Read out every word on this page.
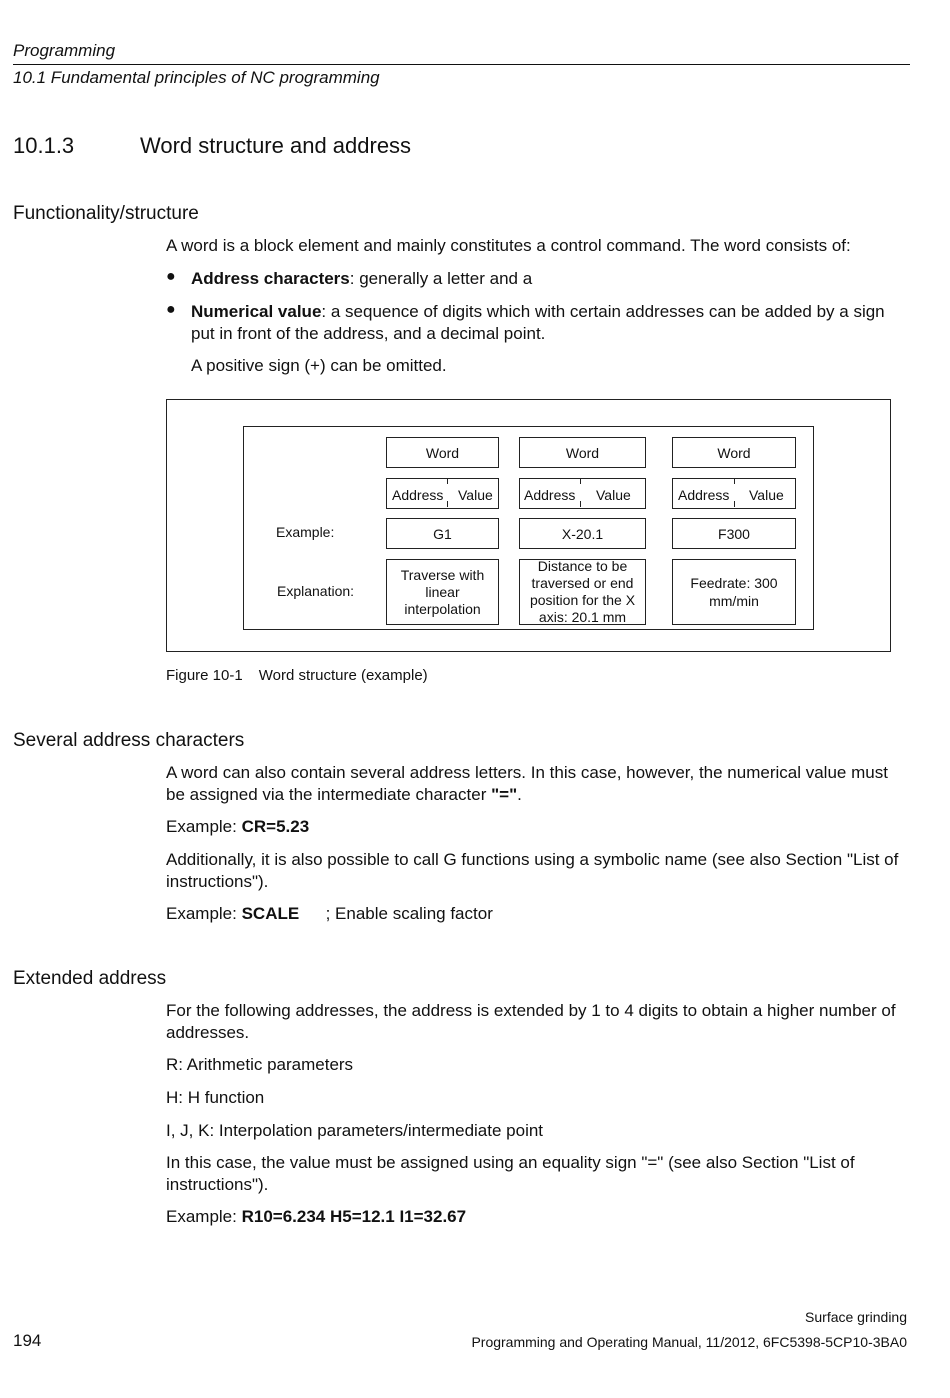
Programming
10.1 Fundamental principles of NC programming
10.1.3	Word structure and address
Functionality/structure
A word is a block element and mainly constitutes a control command. The word consists of:
● Address characters: generally a letter and a
● Numerical value: a sequence of digits which with certain addresses can be added by a sign put in front of the address, and a decimal point.
A positive sign (+) can be omitted.
Example:
Explanation:
Word
Address Value
G1
Traverse with linear interpolation
Word
Address Value
X-20.1
Distance to be traversed or end position for the X axis: 20.1 mm
Word
Address Value
F300
Feedrate: 300 mm/min
Figure 10-1 Word structure (example)
Several address characters
A word can also contain several address letters. In this case, however, the numerical value must be assigned via the intermediate character "=".
Example: CR=5.23
Additionally, it is also possible to call G functions using a symbolic name (see also Section "List of instructions").
Example: SCALE ; Enable scaling factor
Extended address
For the following addresses, the address is extended by 1 to 4 digits to obtain a higher number of addresses.
R: Arithmetic parameters
H: H function
I, J, K: Interpolation parameters/intermediate point
In this case, the value must be assigned using an equality sign "=" (see also Section "List of instructions").
Example: R10=6.234 H5=12.1 I1=32.67
Surface grinding
194	Programming and Operating Manual, 11/2012, 6FC5398-5CP10-3BA0
